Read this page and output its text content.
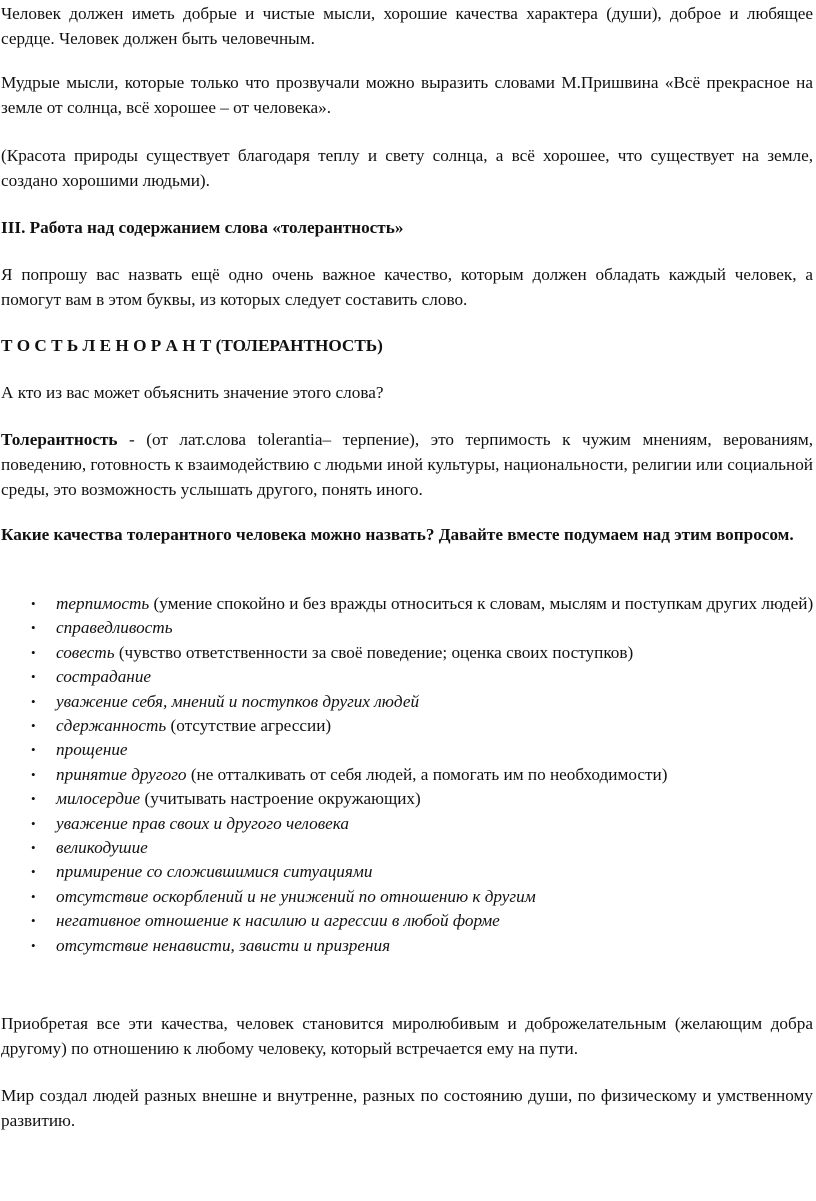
Человек должен иметь добрые и чистые мысли, хорошие качества характера (души), доброе и любящее сердце. Человек должен быть человечным.

Мудрые мысли, которые только что прозвучали можно выразить словами М.Пришвина «Всё прекрасное на земле от солнца, всё хорошее – от человека».

(Красота природы существует благодаря теплу и свету солнца, а всё хорошее, что существует на земле, создано хорошими людьми).

III. Работа над содержанием слова «толерантность»

Я попрошу вас назвать ещё одно очень важное качество, которым должен обладать каждый человек, а помогут вам в этом буквы, из которых следует составить слово.

Т О С Т Ь Л Е Н О Р А Н Т (ТОЛЕРАНТНОСТЬ)

А кто из вас может объяснить значение этого слова?

Толерантность - (от лат.слова tolerantia– терпение), это терпимость к чужим мнениям, верованиям, поведению, готовность к взаимодействию с людьми иной культуры, национальности, религии или социальной среды, это возможность услышать другого, понять иного.

Какие качества толерантного человека можно назвать? Давайте вместе подумаем над этим вопросом.

• терпимость (умение спокойно и без вражды относиться к словам, мыслям и поступкам других людей)
• справедливость
• совесть (чувство ответственности за своё поведение; оценка своих поступков)
• сострадание
• уважение себя, мнений и поступков других людей
• сдержанность (отсутствие агрессии)
• прощение
• принятие другого (не отталкивать от себя людей, а помогать им по необходимости)
• милосердие (учитывать настроение окружающих)
• уважение прав своих и другого человека
• великодушие
• примирение со сложившимися ситуациями
• отсутствие оскорблений и не унижений по отношению к другим
• негативное отношение к насилию и агрессии в любой форме
• отсутствие ненависти, зависти и призрения

Приобретая все эти качества, человек становится миролюбивым и доброжелательным (желающим добра другому) по отношению к любому человеку, который встречается ему на пути.

Мир создал людей разных внешне и внутренне, разных по состоянию души, по физическому и умственному развитию.
